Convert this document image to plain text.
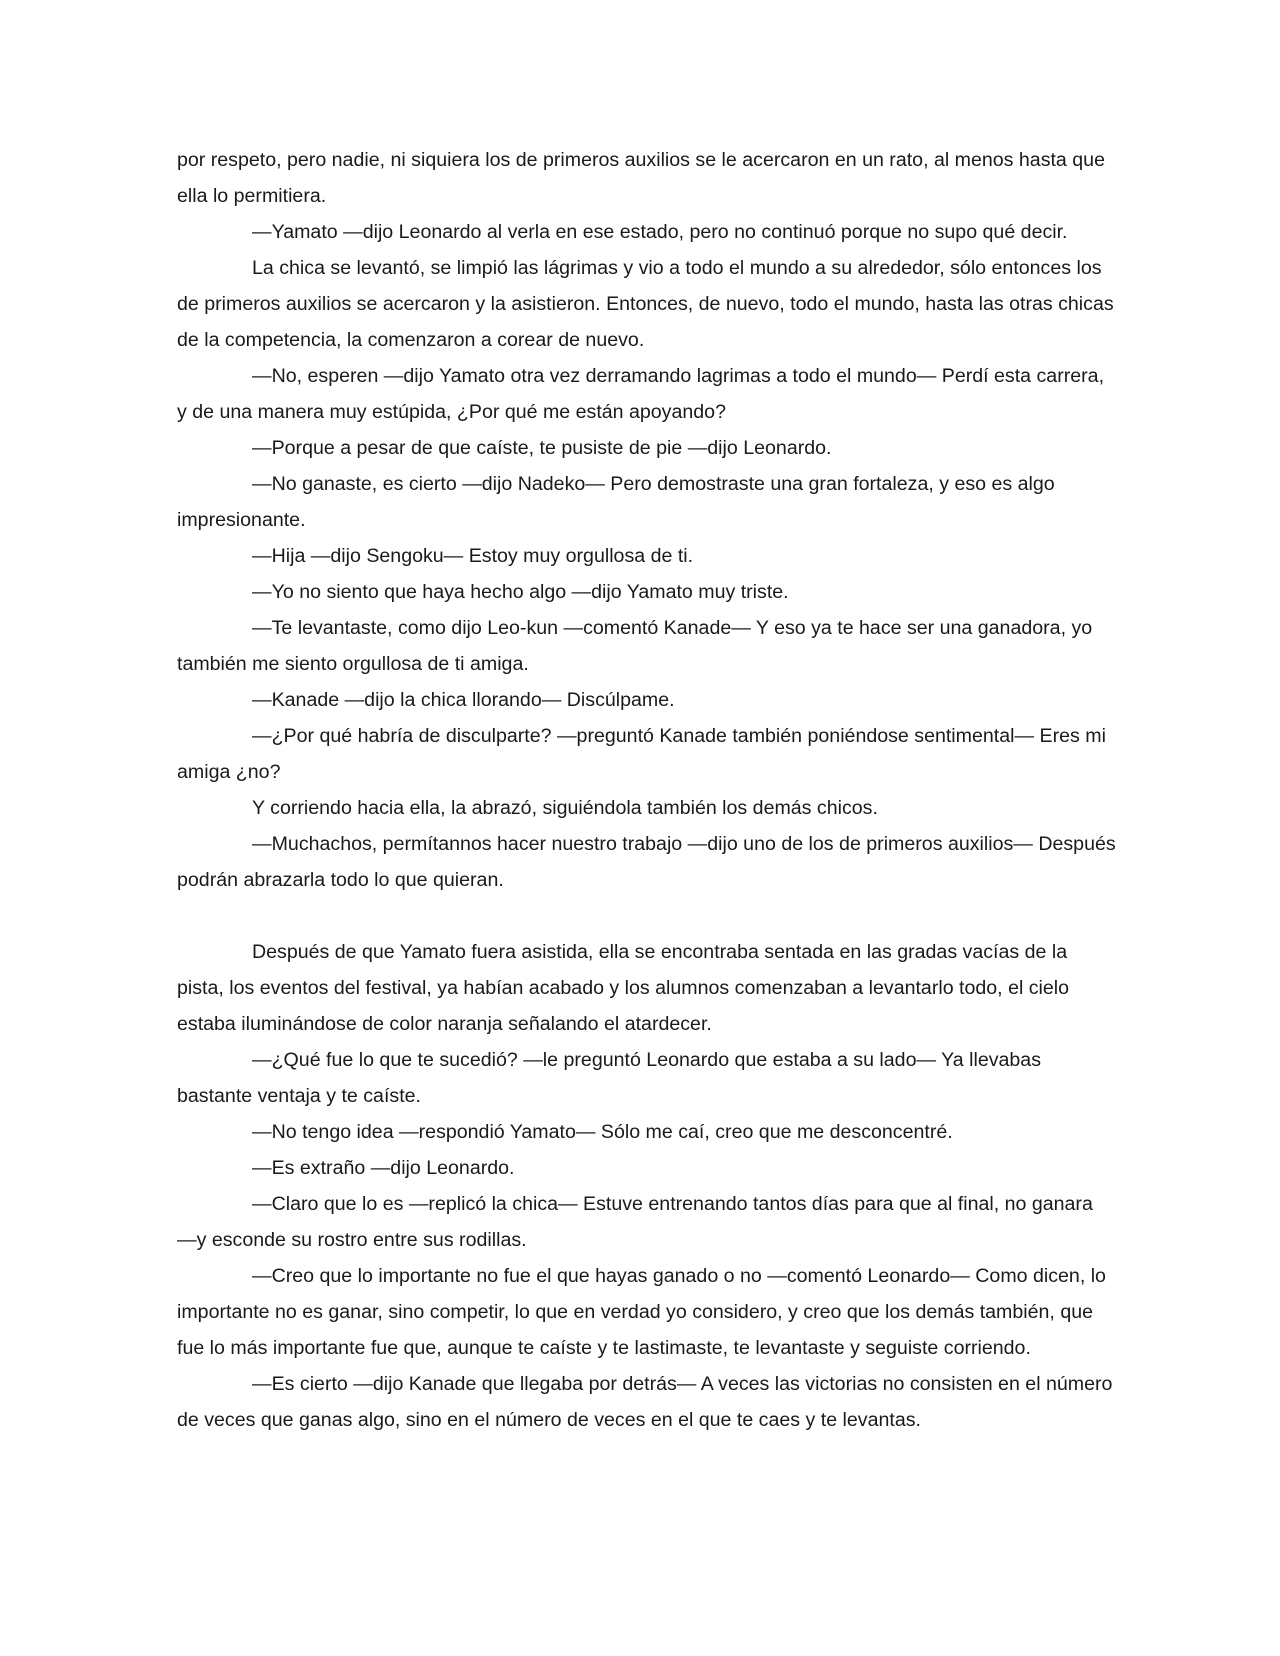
por respeto, pero nadie, ni siquiera los de primeros auxilios se le acercaron en un rato, al menos hasta que ella lo permitiera.

—Yamato —dijo Leonardo al verla en ese estado, pero no continuó porque no supo qué decir.

La chica se levantó, se limpió las lágrimas y vio a todo el mundo a su alrededor, sólo entonces los de primeros auxilios se acercaron y la asistieron. Entonces, de nuevo, todo el mundo, hasta las otras chicas de la competencia, la comenzaron a corear de nuevo.

—No, esperen —dijo Yamato otra vez derramando lagrimas a todo el mundo— Perdí esta carrera, y de una manera muy estúpida, ¿Por qué me están apoyando?

—Porque a pesar de que caíste, te pusiste de pie —dijo Leonardo.

—No ganaste, es cierto —dijo Nadeko— Pero demostraste una gran fortaleza, y eso es algo impresionante.

—Hija —dijo Sengoku— Estoy muy orgullosa de ti.

—Yo no siento que haya hecho algo —dijo Yamato muy triste.

—Te levantaste, como dijo Leo-kun —comentó Kanade— Y eso ya te hace ser una ganadora, yo también me siento orgullosa de ti amiga.

—Kanade —dijo la chica llorando— Discúlpame.

—¿Por qué habría de disculparte? —preguntó Kanade también poniéndose sentimental— Eres mi amiga ¿no?

Y corriendo hacia ella, la abrazó, siguiéndola también los demás chicos.

—Muchachos, permítannos hacer nuestro trabajo —dijo uno de los de primeros auxilios— Después podrán abrazarla todo lo que quieran.

Después de que Yamato fuera asistida, ella se encontraba sentada en las gradas vacías de la pista, los eventos del festival, ya habían acabado y los alumnos comenzaban a levantarlo todo, el cielo estaba iluminándose de color naranja señalando el atardecer.

—¿Qué fue lo que te sucedió? —le preguntó Leonardo que estaba a su lado— Ya llevabas bastante ventaja y te caíste.

—No tengo idea —respondió Yamato— Sólo me caí, creo que me desconcentré.

—Es extraño —dijo Leonardo.

—Claro que lo es —replicó la chica— Estuve entrenando tantos días para que al final, no ganara —y esconde su rostro entre sus rodillas.

—Creo que lo importante no fue el que hayas ganado o no —comentó Leonardo— Como dicen, lo importante no es ganar, sino competir, lo que en verdad yo considero, y creo que los demás también, que fue lo más importante fue que, aunque te caíste y te lastimaste, te levantaste y seguiste corriendo.

—Es cierto —dijo Kanade que llegaba por detrás— A veces las victorias no consisten en el número de veces que ganas algo, sino en el número de veces en el que te caes y te levantas.
